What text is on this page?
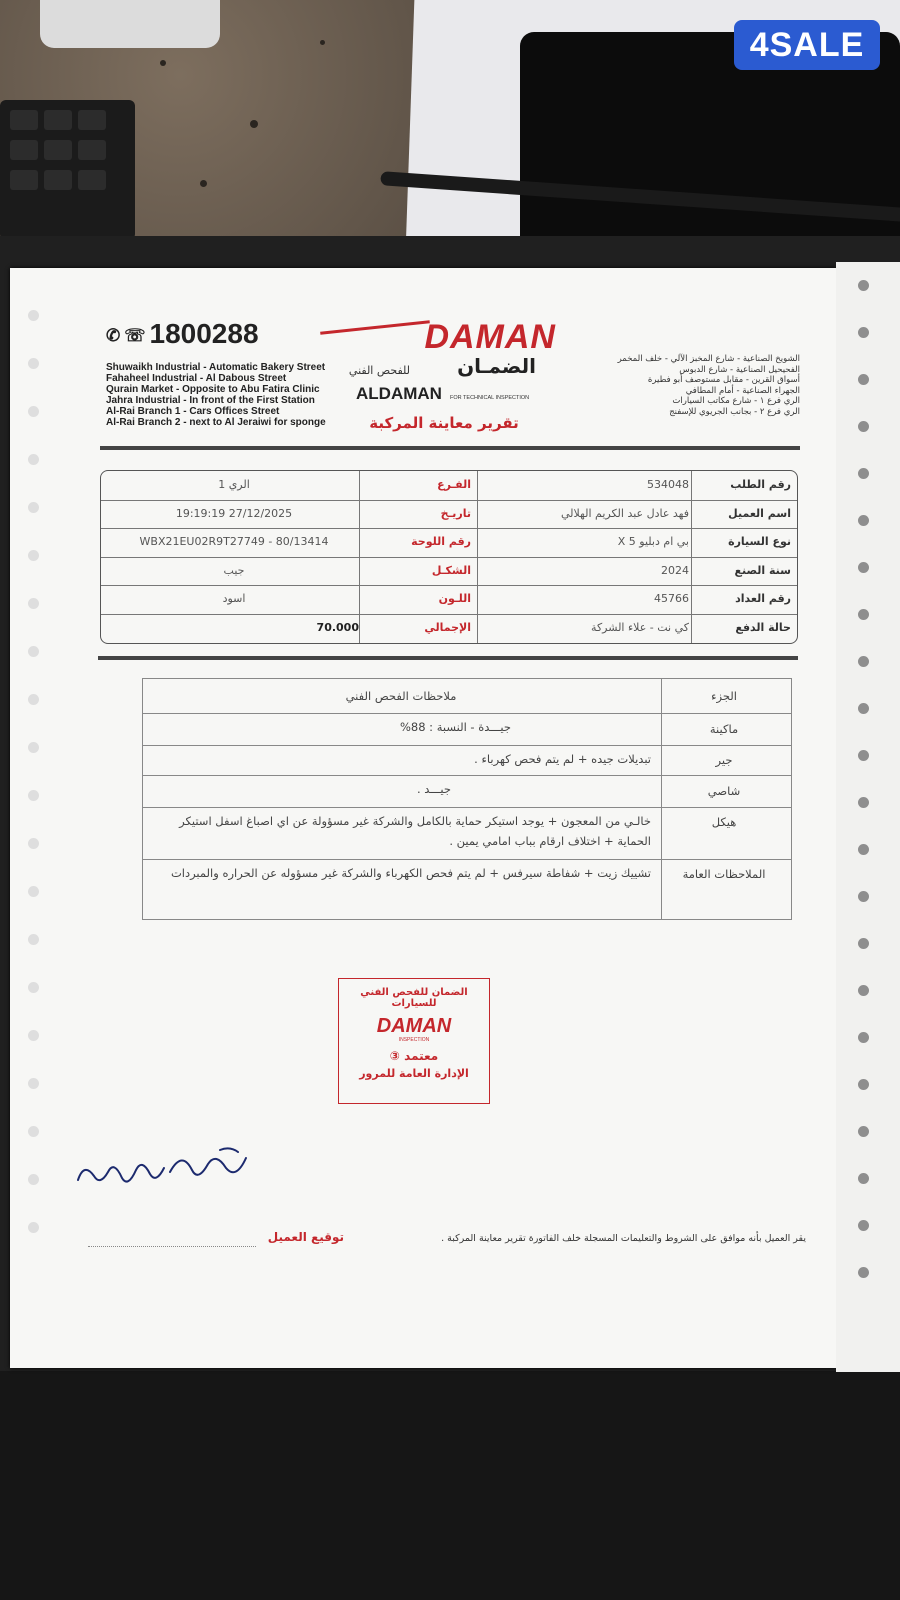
4SALE
✆ ☏ 1800288
Shuwaikh Industrial - Automatic Bakery Street
Fahaheel Industrial - Al Dabous Street
Qurain Market - Opposite to Abu Fatira Clinic
Jahra Industrial - In front of the First Station
Al-Rai Branch 1 - Cars Offices Street
Al-Rai Branch 2 - next to Al Jeraiwi for sponge
الشويخ الصناعية - شارع المخبز الآلي - خلف المخمر
الفحيحيل الصناعية - شارع الدبوس
أسواق القرين - مقابل مستوصف أبو فطيرة
الجهراء الصناعية - أمام المطافي
الري فرع ١ - شارع مكاتب السيارات
الري فرع ٢ - بجانب الجريوي للإسفنج
DAMAN
الضمـان
للفحص الفني
ALDAMAN FOR TECHNICAL INSPECTION
تقرير معاينة المركبة
رقم الطلب
534048
الفـرع
الري 1
اسم العميل
فهد عادل عبد الكريم الهلالي
تاريـخ
19:19:19 27/12/2025
نوع السيارة
بي ام دبليو X 5
رقم اللوحة
WBX21EU02R9T27749 - 80/13414
سنة الصنع
2024
الشكـل
جيب
رقم العداد
45766
اللـون
اسود
حالة الدفع
كي نت - علاء الشركة
الإجمالي
70.000
الجزء
ملاحظات الفحص الفني
ماكينة
جيـــدة - النسبة : 88%
جير
تبديلات جيده + لم يتم فحص كهرباء .
شاصي
جيـــد .
هيكل
خالـي من المعجون + يوجد استيكر حماية بالكامل والشركة غير مسؤولة عن اي اصباغ اسفل استيكر الحماية + اختلاف ارقام بباب امامي يمين .
الملاحظات العامة
تشييك زيت + شفاطة سيرفس + لم يتم فحص الكهرباء والشركة غير مسؤوله عن الحراره والمبردات
الضمان للفحص الفني للسيارات
DAMAN
INSPECTION
معتمد ③
الإدارة العامة للمرور
يقر العميل بأنه موافق على الشروط والتعليمات المسجلة خلف الفاتورة تقرير معاينة المركبة .
توقيع العميل
